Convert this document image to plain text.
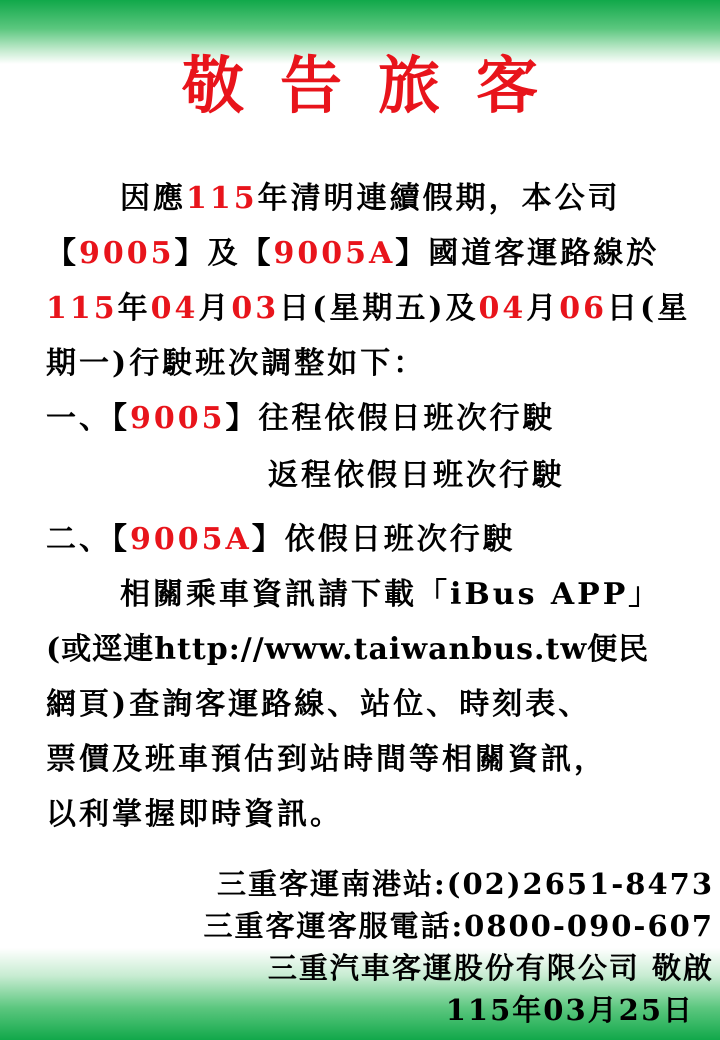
敬告旅客
因應115年清明連續假期，本公司
【9005】及【9005A】國道客運路線於
115年04月03日(星期五)及04月06日(星
一、【9005】往程依假日班次行駛
返程依假日班次行駛
二、【9005A】依假日班次行駛
相關乘車資訊請下載「iBus APP」
(或逕連http://www.taiwanbus.tw便民
網頁)查詢客運路線、站位、時刻表、
票價及班車預估到站時間等相關資訊，
以利掌握即時資訊。
期一)行駛班次調整如下：
三重客運南港站:(02)2651-8473
三重客運客服電話:0800-090-607
三重汽車客運股份有限公司 敬啟
115年03月25日
